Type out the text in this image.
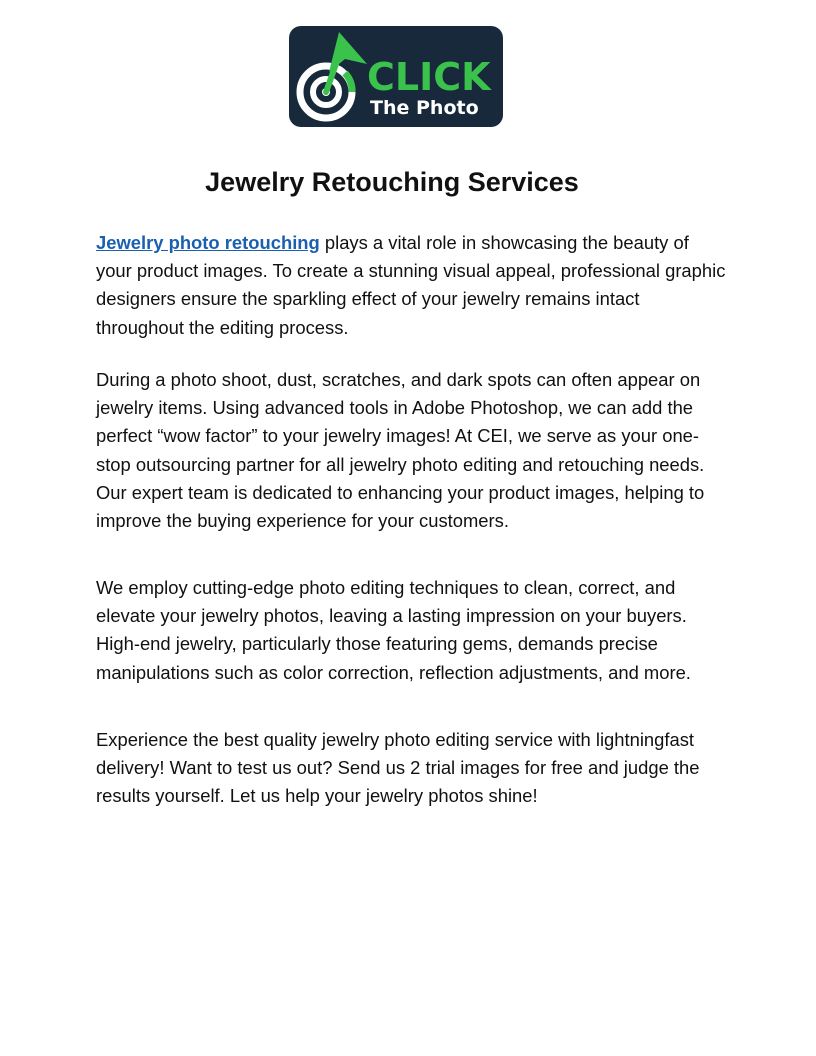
CLICK
The Photo
Jewelry Retouching Services

Jewelry photo retouching plays a vital role in showcasing the beauty of your product images. To create a stunning visual appeal, professional graphic designers ensure the sparkling effect of your jewelry remains intact throughout the editing process.

During a photo shoot, dust, scratches, and dark spots can often appear on jewelry items. Using advanced tools in Adobe Photoshop, we can add the perfect “wow factor” to your jewelry images! At CEI, we serve as your one-stop outsourcing partner for all jewelry photo editing and retouching needs. Our expert team is dedicated to enhancing your product images, helping to improve the buying experience for your customers.

We employ cutting-edge photo editing techniques to clean, correct, and elevate your jewelry photos, leaving a lasting impression on your buyers. High-end jewelry, particularly those featuring gems, demands precise manipulations such as color correction, reflection adjustments, and more.

Experience the best quality jewelry photo editing service with lightningfast delivery! Want to test us out? Send us 2 trial images for free and judge the results yourself. Let us help your jewelry photos shine!
